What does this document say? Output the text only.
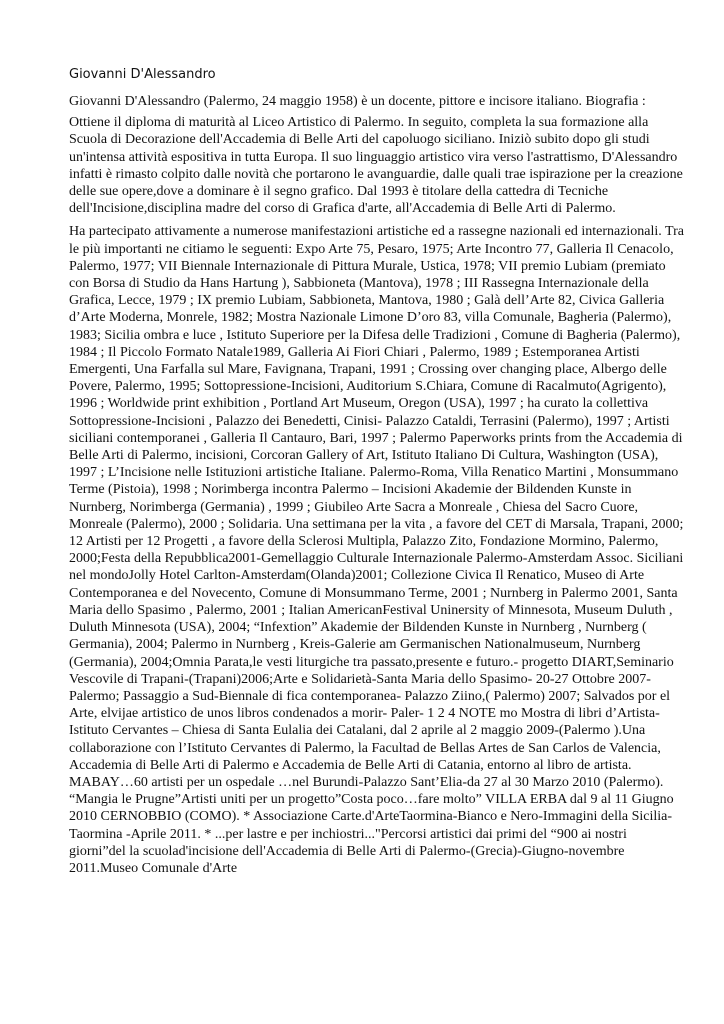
Giovanni D'Alessandro

Giovanni D'Alessandro (Palermo, 24 maggio 1958) è un docente, pittore e incisore italiano. Biografia :

Ottiene il diploma di maturità al Liceo Artistico di Palermo. In seguito, completa la sua formazione alla Scuola di Decorazione dell'Accademia di Belle Arti del capoluogo siciliano. Iniziò subito dopo gli studi un'intensa attività espositiva in tutta Europa. Il suo linguaggio artistico vira verso l'astrattismo, D'Alessandro infatti è rimasto colpito dalle novità che portarono le avanguardie, dalle quali trae ispirazione per la creazione delle sue opere,dove a dominare è il segno grafico. Dal 1993 è titolare della cattedra di Tecniche dell'Incisione,disciplina madre del corso di Grafica d'arte, all'Accademia di Belle Arti di Palermo.

Ha partecipato attivamente a numerose manifestazioni artistiche ed a rassegne nazionali ed internazionali. Tra le più importanti ne citiamo le seguenti: Expo Arte 75, Pesaro, 1975; Arte Incontro 77, Galleria Il Cenacolo, Palermo, 1977; VII Biennale Internazionale di Pittura Murale, Ustica, 1978; VII premio Lubiam (premiato con Borsa di Studio da Hans Hartung ), Sabbioneta (Mantova), 1978 ; III Rassegna Internazionale della Grafica, Lecce, 1979 ; IX premio Lubiam, Sabbioneta, Mantova, 1980 ; Galà dell’Arte 82, Civica Galleria d’Arte Moderna, Monrele, 1982; Mostra Nazionale Limone D’oro 83, villa Comunale, Bagheria (Palermo), 1983; Sicilia ombra e luce , Istituto Superiore per la Difesa delle Tradizioni , Comune di Bagheria (Palermo), 1984 ; Il Piccolo Formato Natale1989, Galleria Ai Fiori Chiari , Palermo, 1989 ; Estemporanea Artisti Emergenti, Una Farfalla sul Mare, Favignana, Trapani, 1991 ; Crossing over changing place, Albergo delle Povere, Palermo, 1995; Sottopressione-Incisioni, Auditorium S.Chiara, Comune di Racalmuto(Agrigento), 1996 ; Worldwide print exhibition , Portland Art Museum, Oregon (USA), 1997 ; ha curato la collettiva Sottopressione-Incisioni , Palazzo dei Benedetti, Cinisi- Palazzo Cataldi, Terrasini (Palermo), 1997 ; Artisti siciliani contemporanei , Galleria Il Cantauro, Bari, 1997 ; Palermo Paperworks prints from the Accademia di Belle Arti di Palermo, incisioni, Corcoran Gallery of Art, Istituto Italiano Di Cultura, Washington (USA), 1997 ; L’Incisione nelle Istituzioni artistiche Italiane. Palermo-Roma, Villa Renatico Martini , Monsummano Terme (Pistoia), 1998 ; Norimberga incontra Palermo – Incisioni Akademie der Bildenden Kunste in Nurnberg, Norimberga (Germania) , 1999 ; Giubileo Arte Sacra a Monreale , Chiesa del Sacro Cuore, Monreale (Palermo), 2000 ; Solidaria. Una settimana per la vita , a favore del CET di Marsala, Trapani, 2000; 12 Artisti per 12 Progetti , a favore della Sclerosi Multipla, Palazzo Zito, Fondazione Mormino, Palermo, 2000;Festa della Repubblica2001-Gemellaggio Culturale Internazionale Palermo-Amsterdam Assoc. Siciliani nel mondoJolly Hotel Carlton-Amsterdam(Olanda)2001; Collezione Civica Il Renatico, Museo di Arte Contemporanea e del Novecento, Comune di Monsummano Terme, 2001 ; Nurnberg in Palermo 2001, Santa Maria dello Spasimo , Palermo, 2001 ; Italian AmericanFestival Uninersity of Minnesota, Museum Duluth , Duluth Minnesota (USA), 2004; “Infextion” Akademie der Bildenden Kunste in Nurnberg , Nurnberg ( Germania), 2004; Palermo in Nurnberg , Kreis-Galerie am Germanischen Nationalmuseum, Nurnberg (Germania), 2004;Omnia Parata,le vesti liturgiche tra passato,presente e futuro.- progetto DIART,Seminario Vescovile di Trapani-(Trapani)2006;Arte e Solidarietà-Santa Maria dello Spasimo- 20-27 Ottobre 2007-Palermo; Passaggio a Sud-Biennale di fica contemporanea- Palazzo Ziino,( Palermo) 2007; Salvados por el Arte, elvijae artistico de unos libros condenados a morir- Paler- 1 2 4 NOTE mo Mostra di libri d’Artista- Istituto Cervantes – Chiesa di Santa Eulalia dei Catalani, dal 2 aprile al 2 maggio 2009-(Palermo ).Una collaborazione con l’Istituto Cervantes di Palermo, la Facultad de Bellas Artes de San Carlos de Valencia, Accademia di Belle Arti di Palermo e Accademia de Belle Arti di Catania, entorno al libro de artista. MABAY…60 artisti per un ospedale …nel Burundi-Palazzo Sant’Elia-da 27 al 30 Marzo 2010 (Palermo). “Mangia le Prugne”Artisti uniti per un progetto”Costa poco…fare molto” VILLA ERBA dal 9 al 11 Giugno 2010 CERNOBBIO (COMO). * Associazione Carte.d'ArteTaormina-Bianco e Nero-Immagini della Sicilia- Taormina -Aprile 2011. * ...per lastre e per inchiostri..."Percorsi artistici dai primi del “900 ai nostri giorni”del la scuolad'incisione dell'Accademia di Belle Arti di Palermo-(Grecia)-Giugno-novembre 2011.Museo Comunale d'Arte
